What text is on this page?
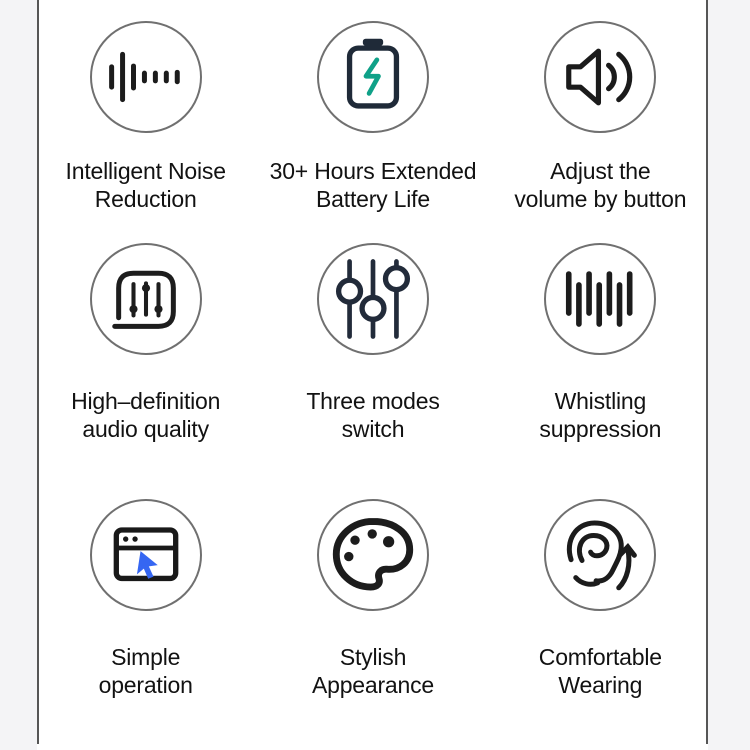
Intelligent Noise
Reduction
30+ Hours Extended
Battery Life
Adjust the
volume by button
High–definition
audio quality
Three modes
switch
Whistling
suppression
Simple
operation
Stylish
Appearance
Comfortable
Wearing
